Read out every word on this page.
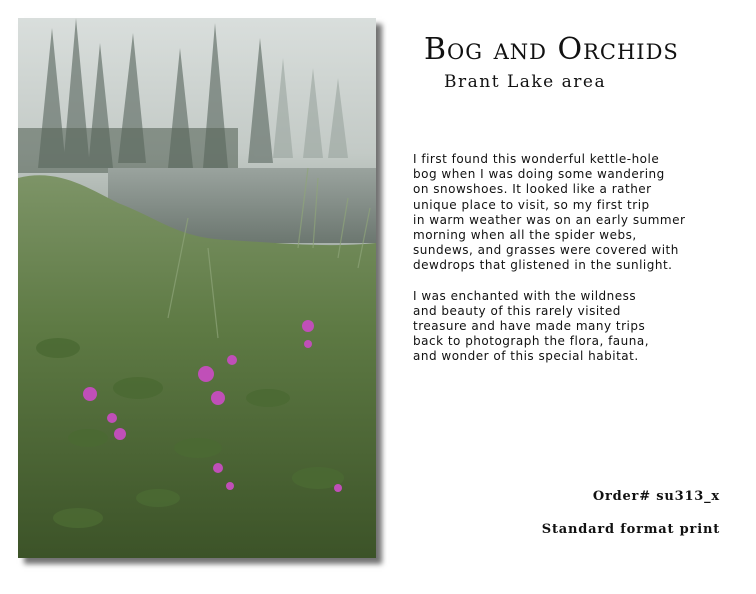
Bog and Orchids
Brant Lake area

I first found this wonderful kettle-hole
bog when I was doing some wandering
on snowshoes. It looked like a rather
unique place to visit, so my first trip
in warm weather was on an early summer
morning when all the spider webs,
sundews, and grasses were covered with
dewdrops that glistened in the sunlight.

I was enchanted with the wildness
and beauty of this rarely visited
treasure and have made many trips
back to photograph the flora, fauna,
and wonder of this special habitat.

Order# su313_x
Standard format print
